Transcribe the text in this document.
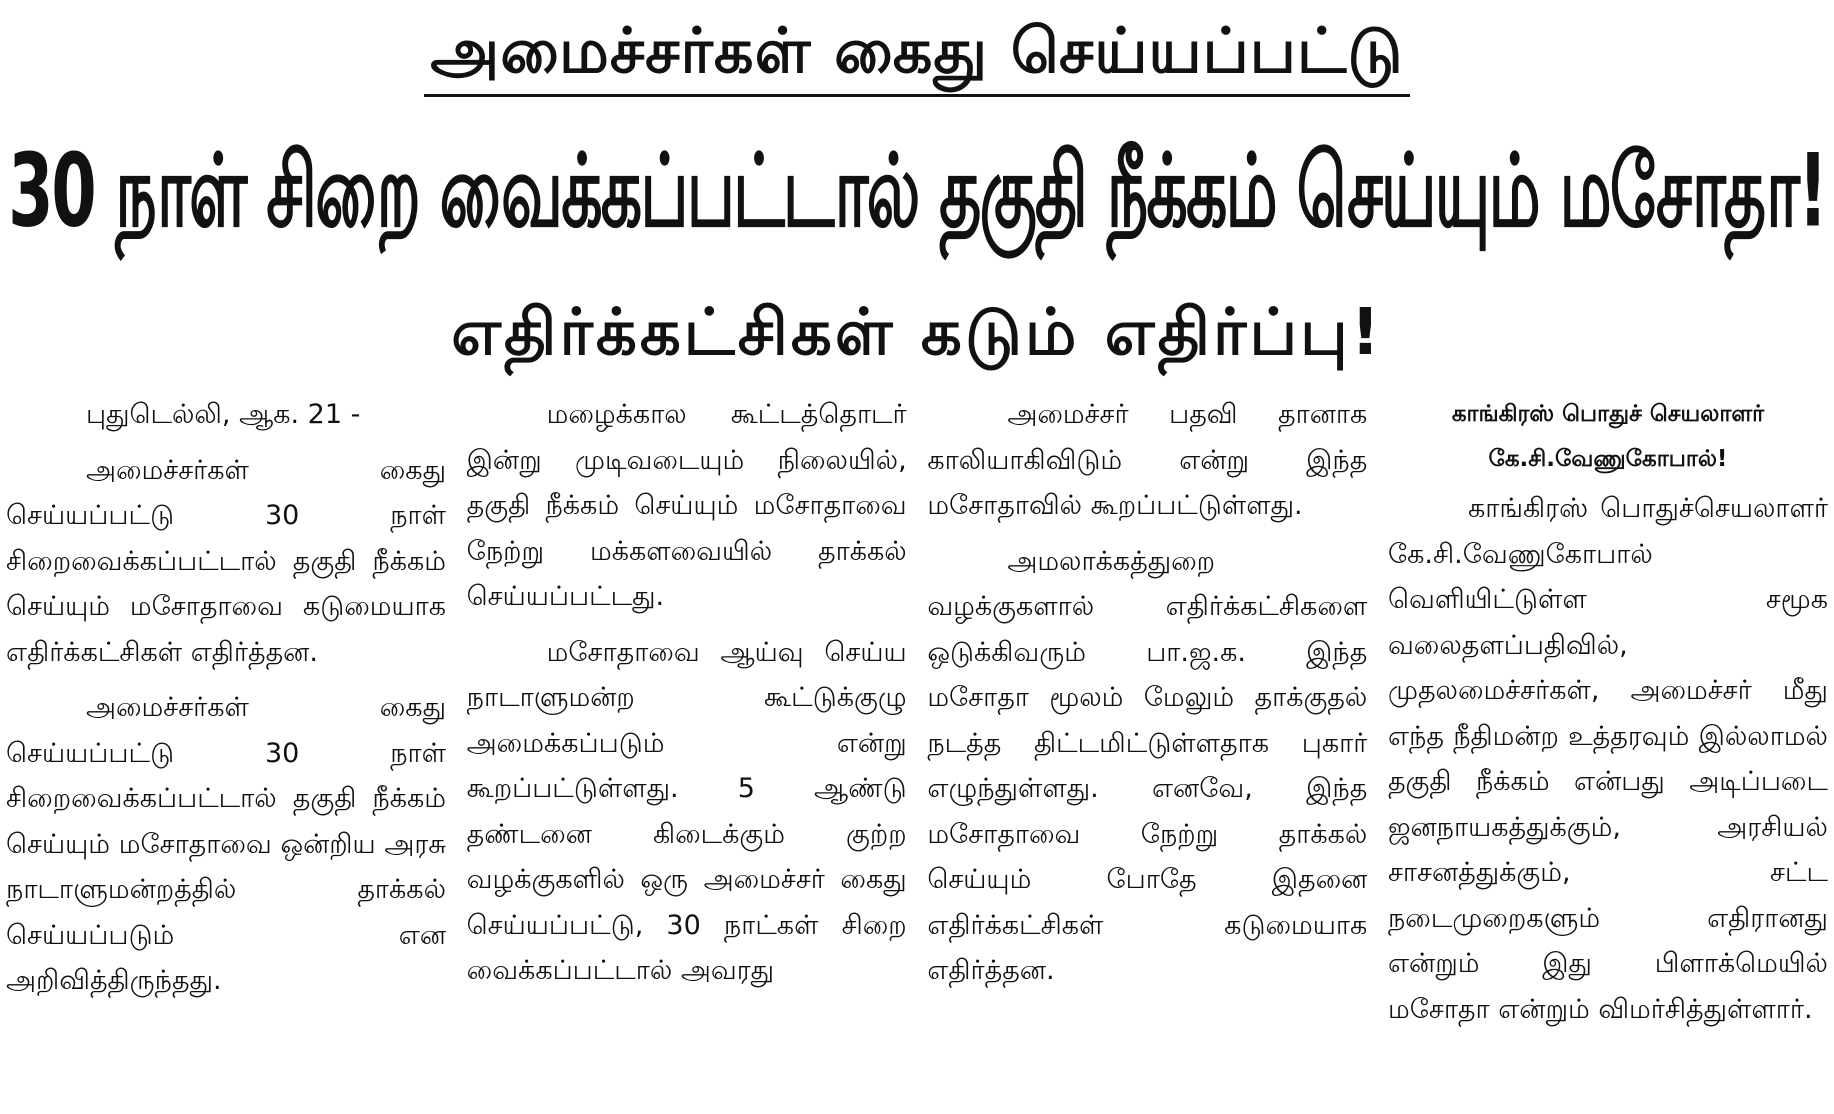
அமைச்சர்கள் கைது செய்யப்பட்டு
30 நாள் சிறை வைக்கப்பட்டால் தகுதி நீக்கம் செய்யும் மசோதா!
எதிர்க்கட்சிகள் கடும் எதிர்ப்பு!

புதுடெல்லி, ஆக. 21 -

அமைச்சர்கள் கைது செய்யப்பட்டு 30 நாள் சிறைவைக்கப்பட்டால் தகுதி நீக்கம் செய்யும் மசோதாவை கடுமையாக எதிர்க்கட்சிகள் எதிர்த்தன.

அமைச்சர்கள் கைது செய்யப்பட்டு 30 நாள் சிறைவைக்கப்பட்டால் தகுதி நீக்கம் செய்யும் மசோதாவை ஒன்றிய அரசு நாடாளுமன்றத்தில் தாக்கல் செய்யப்படும் என அறிவித்திருந்தது.

மழைக்கால கூட்டத்தொடர் இன்று முடிவடையும் நிலையில், தகுதி நீக்கம் செய்யும் மசோதாவை நேற்று மக்களவையில் தாக்கல் செய்யப்பட்டது.

மசோதாவை ஆய்வு செய்ய நாடாளுமன்ற கூட்டுக்குழு அமைக்கப்படும் என்று கூறப்பட்டுள்ளது. 5 ஆண்டு தண்டனை கிடைக்கும் குற்ற வழக்குகளில் ஒரு அமைச்சர் கைது செய்யப்பட்டு, 30 நாட்கள் சிறை வைக்கப்பட்டால் அவரது

அமைச்சர் பதவி தானாக காலியாகிவிடும் என்று இந்த மசோதாவில் கூறப்பட்டுள்ளது.

அமலாக்கத்துறை வழக்குகளால் எதிர்க்கட்சிகளை ஒடுக்கிவரும் பா.ஜ.க. இந்த மசோதா மூலம் மேலும் தாக்குதல் நடத்த திட்டமிட்டுள்ளதாக புகார் எழுந்துள்ளது. எனவே, இந்த மசோதாவை நேற்று தாக்கல் செய்யும் போதே இதனை எதிர்க்கட்சிகள் கடுமையாக எதிர்த்தன.

காங்கிரஸ் பொதுச் செயலாளர்
கே.சி.வேணுகோபால்!

காங்கிரஸ் பொதுச்செயலாளர் கே.சி.வேணுகோபால் வெளியிட்டுள்ள சமூக வலைதளப்பதிவில், முதலமைச்சர்கள், அமைச்சர் மீது எந்த நீதிமன்ற உத்தரவும் இல்லாமல் தகுதி நீக்கம் என்பது அடிப்படை ஜனநாயகத்துக்கும், அரசியல் சாசனத்துக்கும், சட்ட நடைமுறைகளும் எதிரானது என்றும் இது பிளாக்மெயில் மசோதா என்றும் விமர்சித்துள்ளார்.
